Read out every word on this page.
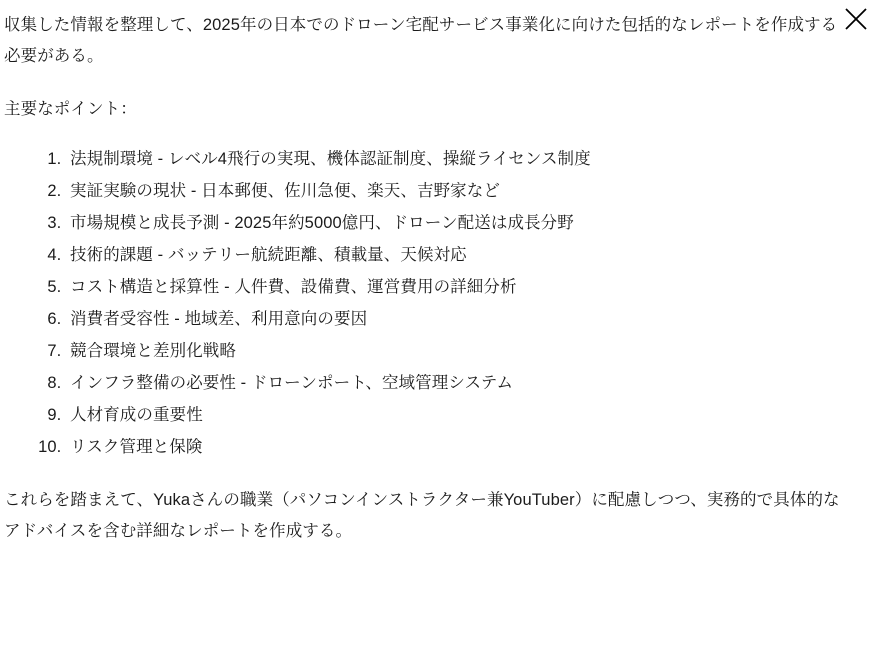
収集した情報を整理して、2025年の日本でのドローン宅配サービス事業化に向けた包括的なレポートを作成する必要がある。

主要なポイント：

1. 法規制環境 - レベル4飛行の実現、機体認証制度、操縦ライセンス制度
2. 実証実験の現状 - 日本郵便、佐川急便、楽天、吉野家など
3. 市場規模と成長予測 - 2025年約5000億円、ドローン配送は成長分野
4. 技術的課題 - バッテリー航続距離、積載量、天候対応
5. コスト構造と採算性 - 人件費、設備費、運営費用の詳細分析
6. 消費者受容性 - 地域差、利用意向の要因
7. 競合環境と差別化戦略
8. インフラ整備の必要性 - ドローンポート、空域管理システム
9. 人材育成の重要性
10. リスク管理と保険

これらを踏まえて、Yukaさんの職業（パソコンインストラクター兼YouTuber）に配慮しつつ、実務的で具体的なアドバイスを含む詳細なレポートを作成する。
